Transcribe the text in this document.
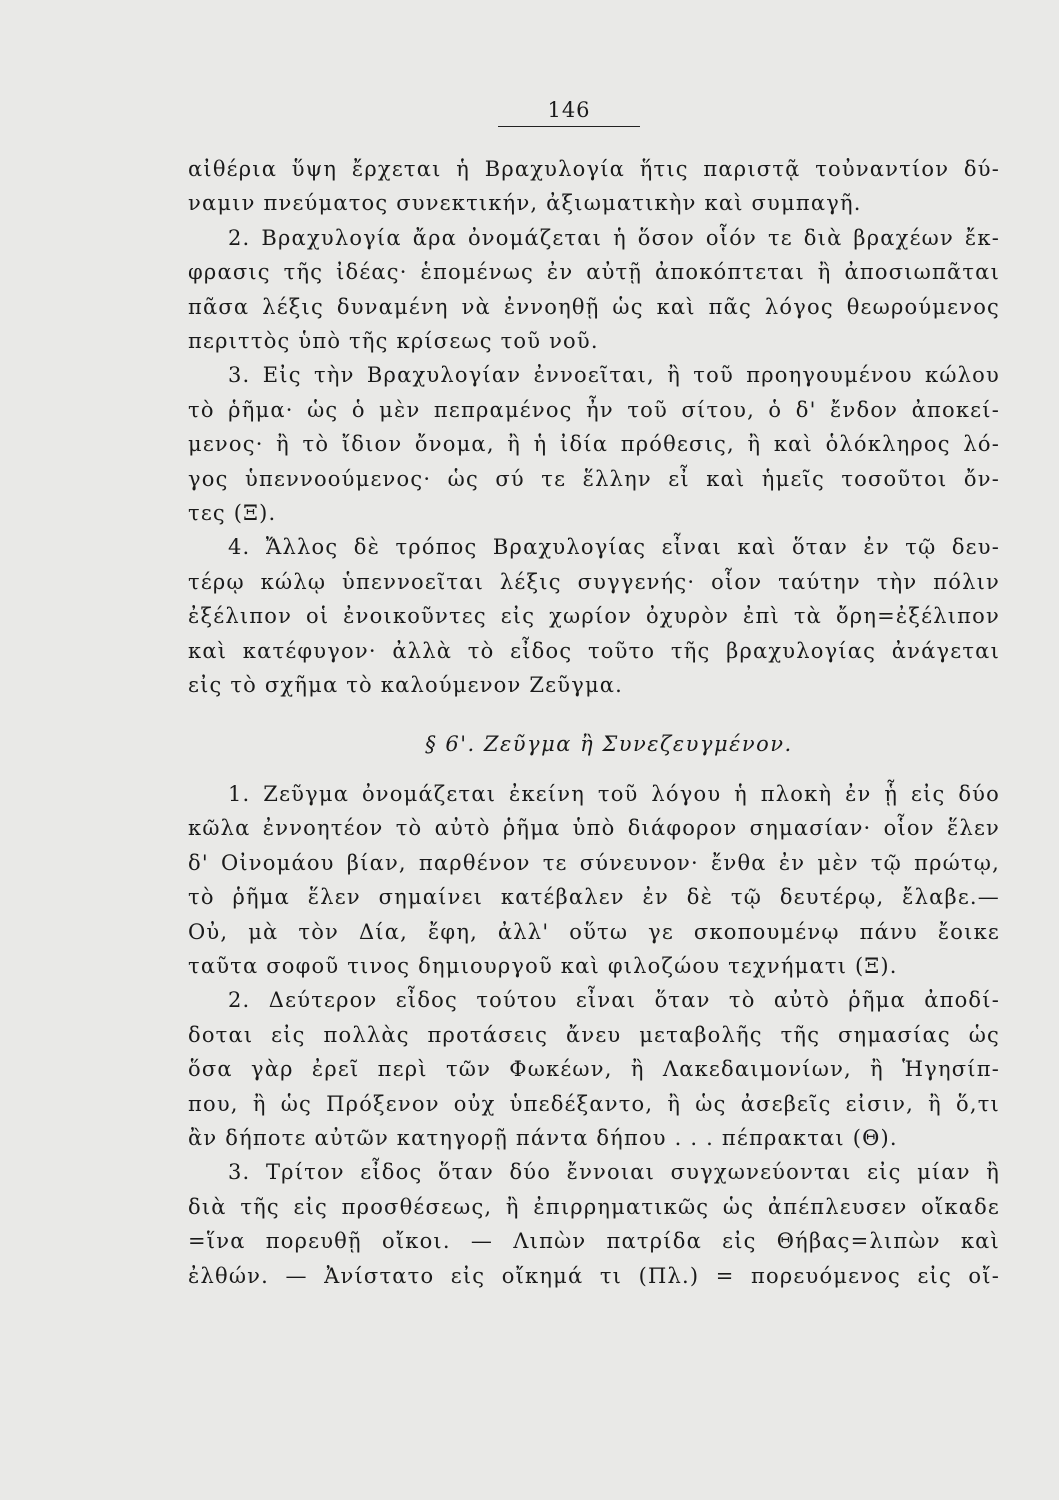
146
αἰθέρια ὕψη ἔρχεται ἡ Βραχυλογία ἥτις παριστᾷ τοὐναντίον δύ-
ναμιν πνεύματος συνεκτικήν, ἀξιωματικὴν καὶ συμπαγῆ.
2. Βραχυλογία ἄρα ὀνομάζεται ἡ ὅσον οἷόν τε διὰ βραχέων ἔκ-
φρασις τῆς ἰδέας· ἑπομένως ἐν αὐτῇ ἀποκόπτεται ἢ ἀποσιωπᾶται
πᾶσα λέξις δυναμένη νὰ ἐννοηθῇ ὡς καὶ πᾶς λόγος θεωρούμενος
περιττὸς ὑπὸ τῆς κρίσεως τοῦ νοῦ.
3. Εἰς τὴν Βραχυλογίαν ἐννοεῖται, ἢ τοῦ προηγουμένου κώλου
τὸ ῥῆμα· ὡς ὁ μὲν πεπραμένος ἦν τοῦ σίτου, ὁ δ' ἔνδον ἀποκεί-
μενος· ἢ τὸ ἴδιον ὄνομα, ἢ ἡ ἰδία πρόθεσις, ἢ καὶ ὁλόκληρος λό-
γος ὑπεννοούμενος· ὡς σύ τε ἕλλην εἶ καὶ ἡμεῖς τοσοῦτοι ὄν-
τες (Ξ).
4. Ἄλλος δὲ τρόπος Βραχυλογίας εἶναι καὶ ὅταν ἐν τῷ δευ-
τέρῳ κώλῳ ὑπεννοεῖται λέξις συγγενής· οἷον ταύτην τὴν πόλιν
ἐξέλιπον οἱ ἐνοικοῦντες εἰς χωρίον ὀχυρὸν ἐπὶ τὰ ὄρη=ἐξέλιπον
καὶ κατέφυγον· ἀλλὰ τὸ εἶδος τοῦτο τῆς βραχυλογίας ἀνάγεται
εἰς τὸ σχῆμα τὸ καλούμενον Ζεῦγμα.
§ 6'. Ζεῦγμα ἢ Συνεζευγμένον.
1. Ζεῦγμα ὀνομάζεται ἐκείνη τοῦ λόγου ἡ πλοκὴ ἐν ᾗ εἰς δύο
κῶλα ἐννοητέον τὸ αὐτὸ ῥῆμα ὑπὸ διάφορον σημασίαν· οἷον ἕλεν
δ' Οἰνομάου βίαν, παρθένον τε σύνευνον· ἔνθα ἐν μὲν τῷ πρώτῳ,
τὸ ῥῆμα ἕλεν σημαίνει κατέβαλεν ἐν δὲ τῷ δευτέρῳ, ἔλαβε.—
Οὐ, μὰ τὸν Δία, ἔφη, ἀλλ' οὕτω γε σκοπουμένῳ πάνυ ἔοικε
ταῦτα σοφοῦ τινος δημιουργοῦ καὶ φιλοζώου τεχνήματι (Ξ).
2. Δεύτερον εἶδος τούτου εἶναι ὅταν τὸ αὐτὸ ῥῆμα ἀποδί-
δοται εἰς πολλὰς προτάσεις ἄνευ μεταβολῆς τῆς σημασίας ὡς
ὅσα γὰρ ἐρεῖ περὶ τῶν Φωκέων, ἢ Λακεδαιμονίων, ἢ Ἡγησίπ-
που, ἢ ὡς Πρόξενον οὐχ ὑπεδέξαντο, ἢ ὡς ἀσεβεῖς εἰσιν, ἢ ὅ,τι
ἂν δήποτε αὐτῶν κατηγορῇ πάντα δήπου . . . πέπρακται (Θ).
3. Τρίτον εἶδος ὅταν δύο ἔννοιαι συγχωνεύονται εἰς μίαν ἢ
διὰ τῆς εἰς προσθέσεως, ἢ ἐπιρρηματικῶς ὡς ἀπέπλευσεν οἴκαδε
=ἵνα πορευθῇ οἴκοι. — Λιπὼν πατρίδα εἰς Θήβας=λιπὼν καὶ
ἐλθών. — Ἀνίστατο εἰς οἴκημά τι (Πλ.) = πορευόμενος εἰς οἴ-
